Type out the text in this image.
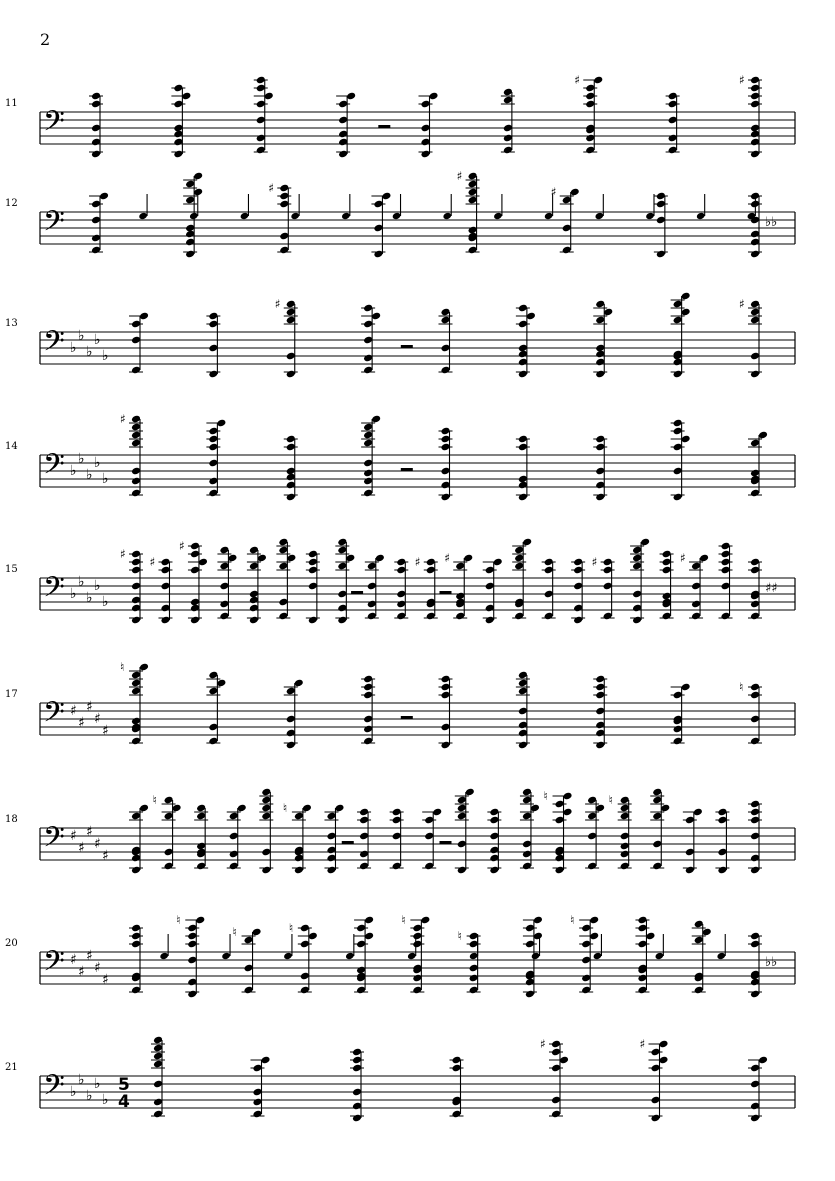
2
11
𝄢
♯	♯
12
𝄢
♯
♯
♯
♭♭
13
𝄢 ♭
♭
♭
♭
♭
♯	♯
14
𝄢 ♭
♭
♭
♭
♭
♯
15
𝄢 ♭
♭
♭
♭
♭
♯
♯
♯
♯ ♯	♯	♯
♯♯
17
𝄢 ♯
♯
♯
♯
♯
♮
♮
18
𝄢 ♯
♯
♯
♯
♯
♮
♮
♮	♮
20
𝄢 ♯
♯
♯
♯
♯
♮
♮	♮
♮
♮
♮
♭♭
21
𝄢 ♭
♭
♭
♭
♭
5
4
♯	♯
